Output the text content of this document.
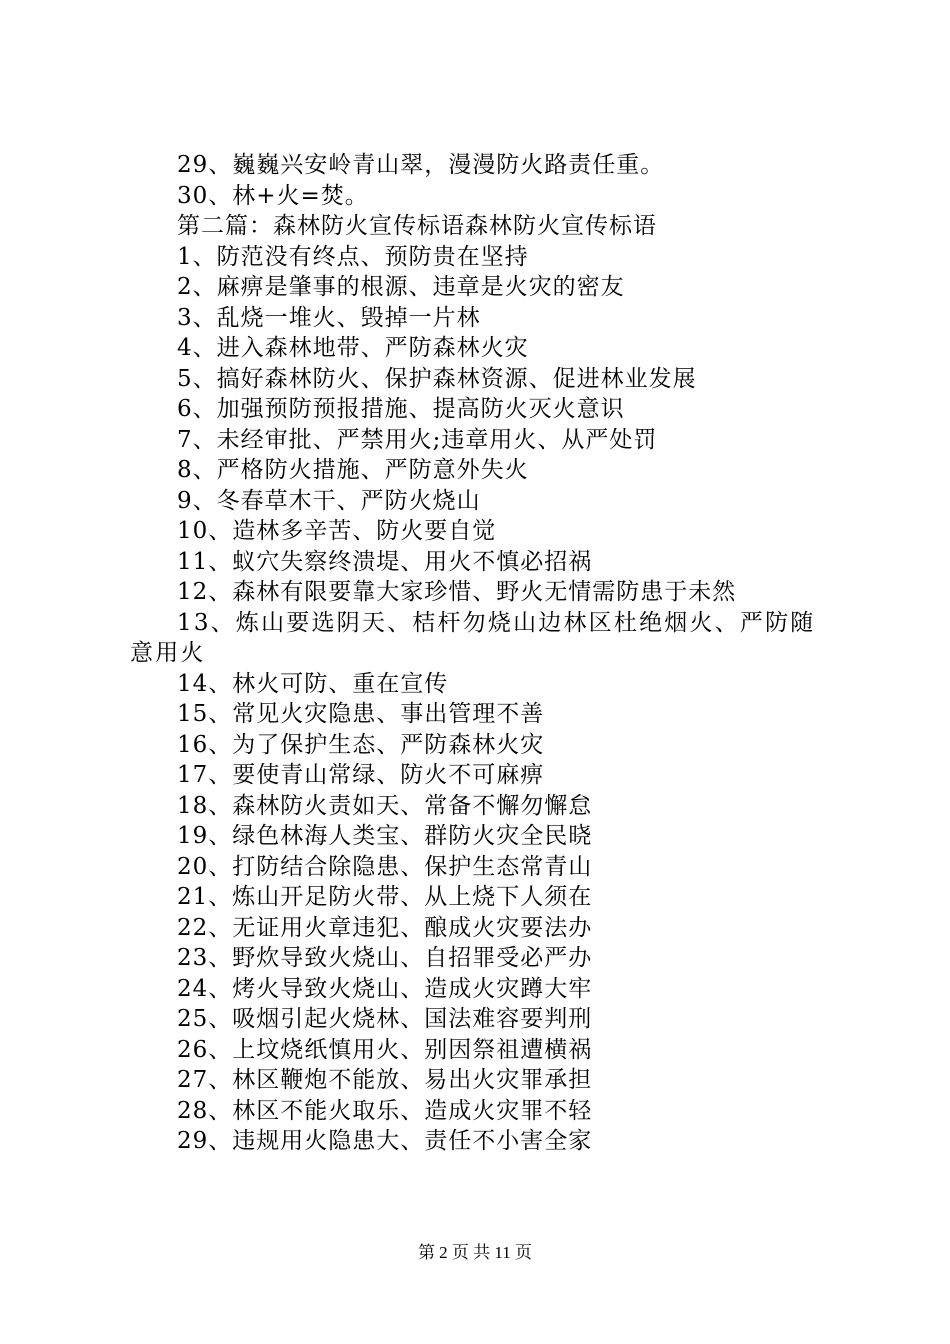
29、巍巍兴安岭青山翠，漫漫防火路责任重。
30、林+火=焚。
第二篇：森林防火宣传标语森林防火宣传标语
1、防范没有终点、预防贵在坚持
2、麻痹是肇事的根源、违章是火灾的密友
3、乱烧一堆火、毁掉一片林
4、进入森林地带、严防森林火灾
5、搞好森林防火、保护森林资源、促进林业发展
6、加强预防预报措施、提高防火灭火意识
7、未经审批、严禁用火;违章用火、从严处罚
8、严格防火措施、严防意外失火
9、冬春草木干、严防火烧山
10、造林多辛苦、防火要自觉
11、蚁穴失察终溃堤、用火不慎必招祸
12、森林有限要靠大家珍惜、野火无情需防患于未然
13、炼山要选阴天、桔杆勿烧山边林区杜绝烟火、严防随意用火
14、林火可防、重在宣传
15、常见火灾隐患、事出管理不善
16、为了保护生态、严防森林火灾
17、要使青山常绿、防火不可麻痹
18、森林防火责如天、常备不懈勿懈怠
19、绿色林海人类宝、群防火灾全民晓
20、打防结合除隐患、保护生态常青山
21、炼山开足防火带、从上烧下人须在
22、无证用火章违犯、酿成火灾要法办
23、野炊导致火烧山、自招罪受必严办
24、烤火导致火烧山、造成火灾蹲大牢
25、吸烟引起火烧林、国法难容要判刑
26、上坟烧纸慎用火、别因祭祖遭横祸
27、林区鞭炮不能放、易出火灾罪承担
28、林区不能火取乐、造成火灾罪不轻
29、违规用火隐患大、责任不小害全家
第 2 页 共 11 页
